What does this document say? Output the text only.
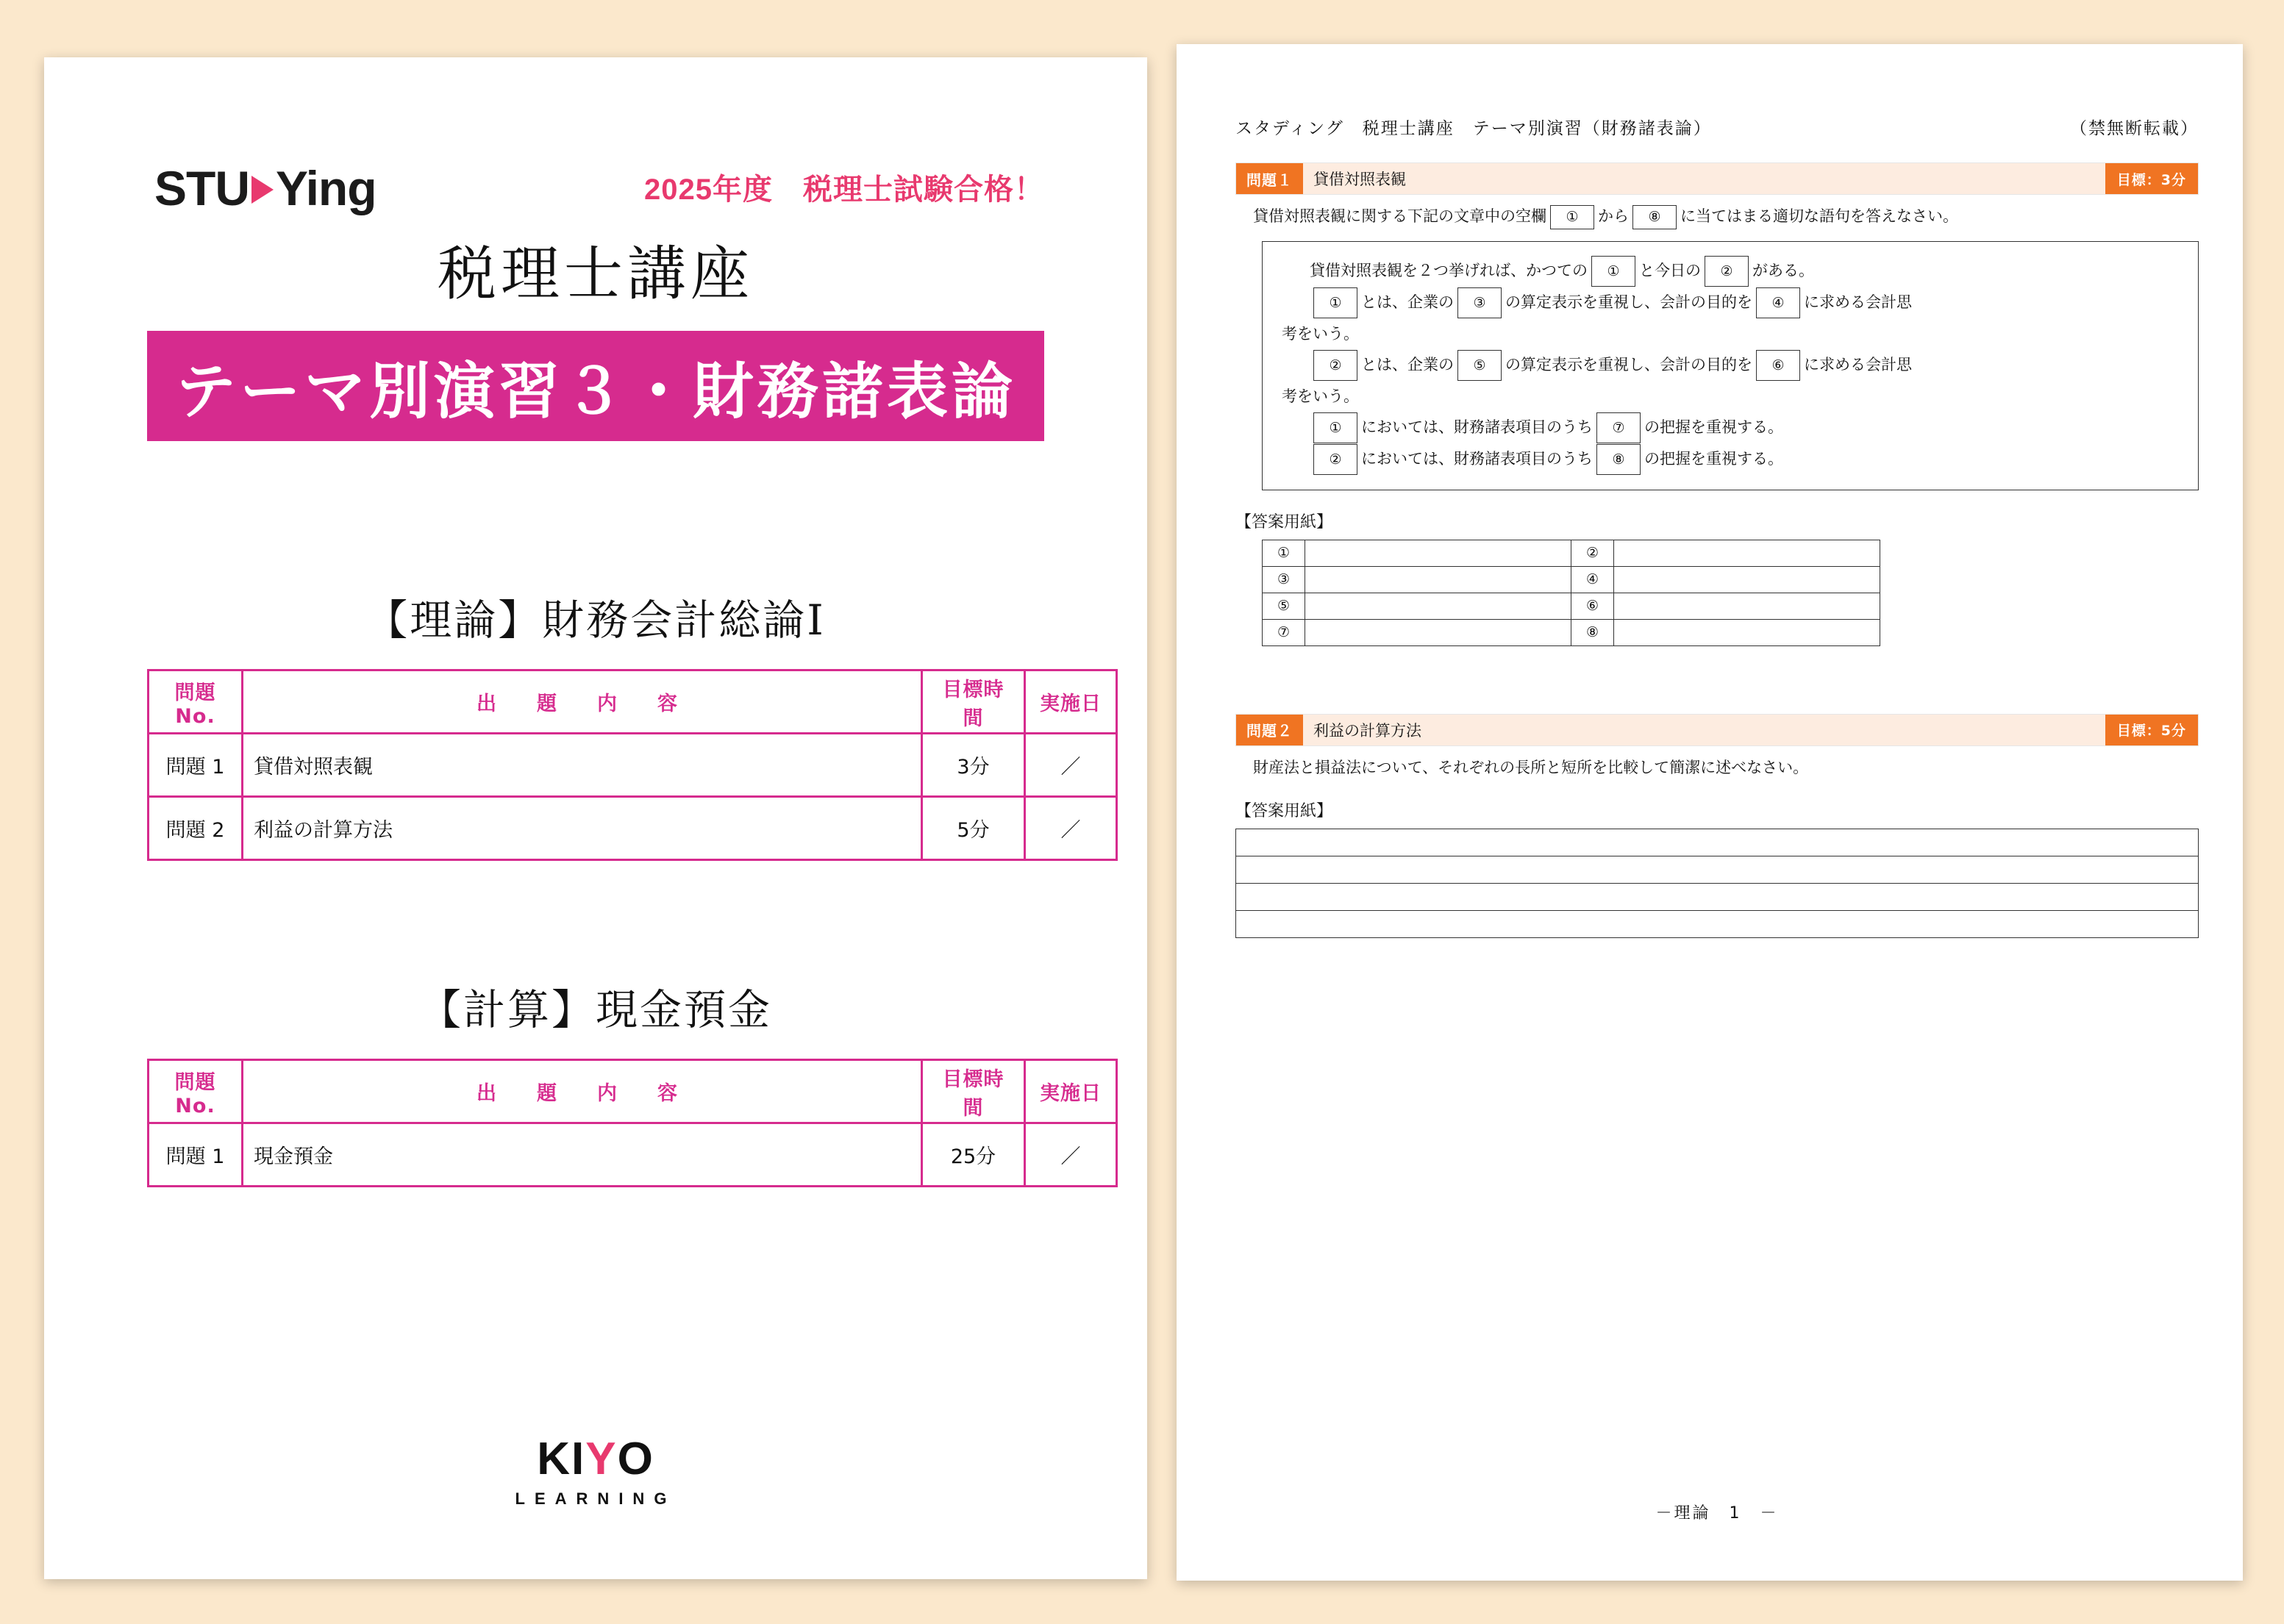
STU Ying	2025年度　税理士試験合格！
税理士講座
テーマ別演習３・財務諸表論
【理論】財務会計総論Ⅰ
問題No.	出　題　内　容	目標時間	実施日
問題 1	貸借対照表観	3分	／
問題 2	利益の計算方法	5分	／
【計算】現金預金
問題No.	出　題　内　容	目標時間	実施日
問題 1	現金預金	25分	／
KIYO
LEARNING
スタディング　税理士講座　テーマ別演習（財務諸表論）	（禁無断転載）
問題１	貸借対照表観	目標：3分
貸借対照表観に関する下記の文章中の空欄 ① から ⑧ に当てはまる適切な語句を答えなさい。
貸借対照表観を２つ挙げれば、かつての ① と今日の ② がある。
① とは、企業の ③ の算定表示を重視し、会計の目的を ④ に求める会計思
考をいう。
② とは、企業の ⑤ の算定表示を重視し、会計の目的を ⑥ に求める会計思
考をいう。
① においては、財務諸表項目のうち ⑦ の把握を重視する。
② においては、財務諸表項目のうち ⑧ の把握を重視する。
【答案用紙】
①		②	
③		④	
⑤		⑥	
⑦		⑧	
問題２	利益の計算方法	目標：5分
財産法と損益法について、それぞれの長所と短所を比較して簡潔に述べなさい。
【答案用紙】

－理論　1　－
